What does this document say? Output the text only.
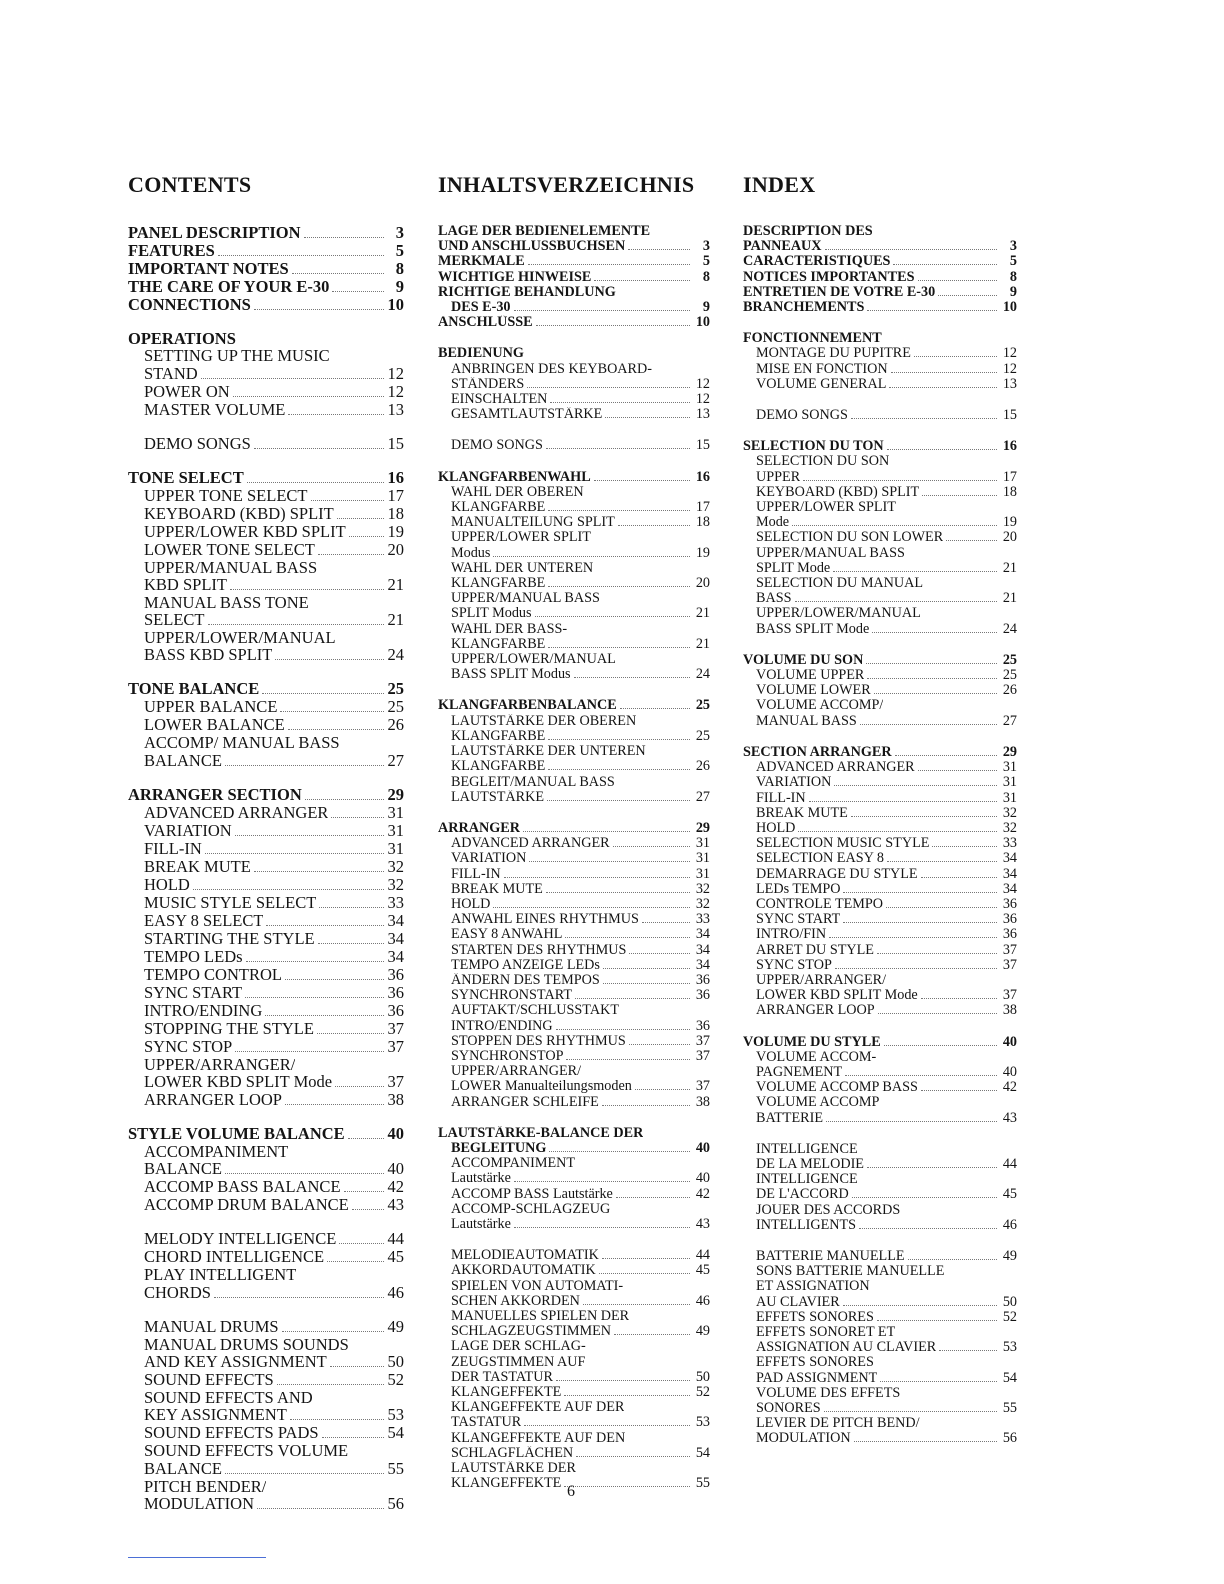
CONTENTS
PANEL DESCRIPTION	3
FEATURES	5
IMPORTANT NOTES	8
THE CARE OF YOUR E-30	9
CONNECTIONS	10
OPERATIONS
SETTING UP THE MUSIC
STAND	12
POWER ON	12
MASTER VOLUME	13
DEMO SONGS	15
TONE SELECT	16
UPPER TONE SELECT	17
KEYBOARD (KBD) SPLIT	18
UPPER/LOWER KBD SPLIT	19
LOWER TONE SELECT	20
UPPER/MANUAL BASS
KBD SPLIT	21
MANUAL BASS TONE
SELECT	21
UPPER/LOWER/MANUAL
BASS KBD SPLIT	24
TONE BALANCE	25
UPPER BALANCE	25
LOWER BALANCE	26
ACCOMP/ MANUAL BASS
BALANCE	27
ARRANGER SECTION	29
ADVANCED ARRANGER	31
VARIATION	31
FILL-IN	31
BREAK MUTE	32
HOLD	32
MUSIC STYLE SELECT	33
EASY 8 SELECT	34
STARTING THE STYLE	34
TEMPO LEDs	34
TEMPO CONTROL	36
SYNC START	36
INTRO/ENDING	36
STOPPING THE STYLE	37
SYNC STOP	37
UPPER/ARRANGER/
LOWER KBD SPLIT Mode	37
ARRANGER LOOP	38
STYLE VOLUME BALANCE	40
ACCOMPANIMENT
BALANCE	40
ACCOMP BASS BALANCE	42
ACCOMP DRUM BALANCE 43
MELODY INTELLIGENCE	44
CHORD INTELLIGENCE	45
PLAY INTELLIGENT
CHORDS	46
MANUAL DRUMS	49
MANUAL DRUMS SOUNDS
AND KEY ASSIGNMENT	50
SOUND EFFECTS	52
SOUND EFFECTS AND
KEY ASSIGNMENT	53
SOUND EFFECTS PADS	54
SOUND EFFECTS VOLUME
BALANCE	55
PITCH BENDER/
MODULATION	56
INHALTSVERZEICHNIS
LAGE DER BEDIENELEMENTE
UND ANSCHLUSSBUCHSEN	3
MERKMALE	5
WICHTIGE HINWEISE	8
RICHTIGE BEHANDLUNG
DES E-30	9
ANSCHLÜSSE	10
BEDIENUNG
ANBRINGEN DES KEYBOARD-
STÄNDERS	12
EINSCHALTEN	12
GESAMTLAUTSTÄRKE	13
DEMO SONGS	15
KLANGFARBENWAHL	16
WAHL DER OBEREN
KLANGFARBE	17
MANUALTEILUNG SPLIT	18
UPPER/LOWER SPLIT
Modus	19
WAHL DER UNTEREN
KLANGFARBE	20
UPPER/MANUAL BASS
SPLIT Modus	21
WAHL DER BASS-
KLANGFARBE	21
UPPER/LOWER/MANUAL
BASS SPLIT Modus	24
KLANGFARBENBALANCE	25
LAUTSTÄRKE DER OBEREN
KLANGFARBE	25
LAUTSTÄRKE DER UNTEREN
KLANGFARBE	26
BEGLEIT/MANUAL BASS
LAUTSTÄRKE	27
ARRANGER	29
ADVANCED ARRANGER	31
VARIATION	31
FILL-IN	31
BREAK MUTE	32
HOLD	32
ANWAHL EINES RHYTHMUS	33
EASY 8 ANWAHL	34
STARTEN DES RHYTHMUS	34
TEMPO ANZEIGE LEDs	34
ÄNDERN DES TEMPOS	36
SYNCHRONSTART	36
AUFTAKT/SCHLUSSTAKT
INTRO/ENDING	36
STOPPEN DES RHYTHMUS	37
SYNCHRONSTOP	37
UPPER/ARRANGER/
LOWER Manualteilungsmoden	37
ARRANGER SCHLEIFE	38
LAUTSTÄRKE-BALANCE DER
BEGLEITUNG	40
ACCOMPANIMENT
Lautstärke	40
ACCOMP BASS Lautstärke	42
ACCOMP-SCHLAGZEUG
Lautstärke	43
MELODIEAUTOMATIK	44
AKKORDAUTOMATIK	45
SPIELEN VON AUTOMATI-
SCHEN AKKORDEN	46
MANUELLES SPIELEN DER
SCHLAGZEUGSTIMMEN	49
LAGE DER SCHLAG-
ZEUGSTIMMEN AUF
DER TASTATUR	50
KLANGEFFEKTE	52
KLANGEFFEKTE AUF DER
TASTATUR	53
KLANGEFFEKTE AUF DEN
SCHLAGFLÄCHEN	54
LAUTSTÄRKE DER
KLANGEFFEKTE	55
INDEX
DESCRIPTION DES
PANNEAUX	3
CARACTERISTIQUES	5
NOTICES IMPORTANTES	8
ENTRETIEN DE VOTRE E-30	9
BRANCHEMENTS	10
FONCTIONNEMENT
MONTAGE DU PUPITRE	12
MISE EN FONCTION	12
VOLUME GENERAL	13
DEMO SONGS	15
SELECTION DU TON	16
SELECTION DU SON
UPPER	17
KEYBOARD (KBD) SPLIT	18
UPPER/LOWER SPLIT
Mode	19
SELECTION DU SON LOWER	20
UPPER/MANUAL BASS
SPLIT Mode	21
SELECTION DU MANUAL
BASS	21
UPPER/LOWER/MANUAL
BASS SPLIT Mode	24
VOLUME DU SON	25
VOLUME UPPER	25
VOLUME LOWER	26
VOLUME ACCOMP/
MANUAL BASS	27
SECTION ARRANGER	29
ADVANCED ARRANGER	31
VARIATION	31
FILL-IN	31
BREAK MUTE	32
HOLD	32
SELECTION MUSIC STYLE	33
SELECTION EASY 8	34
DEMARRAGE DU STYLE	34
LEDs TEMPO	34
CONTROLE TEMPO	36
SYNC START	36
INTRO/FIN	36
ARRET DU STYLE	37
SYNC STOP	37
UPPER/ARRANGER/
LOWER KBD SPLIT Mode	37
ARRANGER LOOP	38
VOLUME DU STYLE	40
VOLUME ACCOM-
PAGNEMENT	40
VOLUME ACCOMP BASS	42
VOLUME ACCOMP
BATTERIE	43
INTELLIGENCE
DE LA MELODIE	44
INTELLIGENCE
DE L'ACCORD	45
JOUER DES ACCORDS
INTELLIGENTS	46
BATTERIE MANUELLE	49
SONS BATTERIE MANUELLE
ET ASSIGNATION
AU CLAVIER	50
EFFETS SONORES	52
EFFETS SONORET ET
ASSIGNATION AU CLAVIER	53
EFFETS SONORES
PAD ASSIGNMENT	54
VOLUME DES EFFETS
SONORES	55
LEVIER DE PITCH BEND/
MODULATION	56
6
